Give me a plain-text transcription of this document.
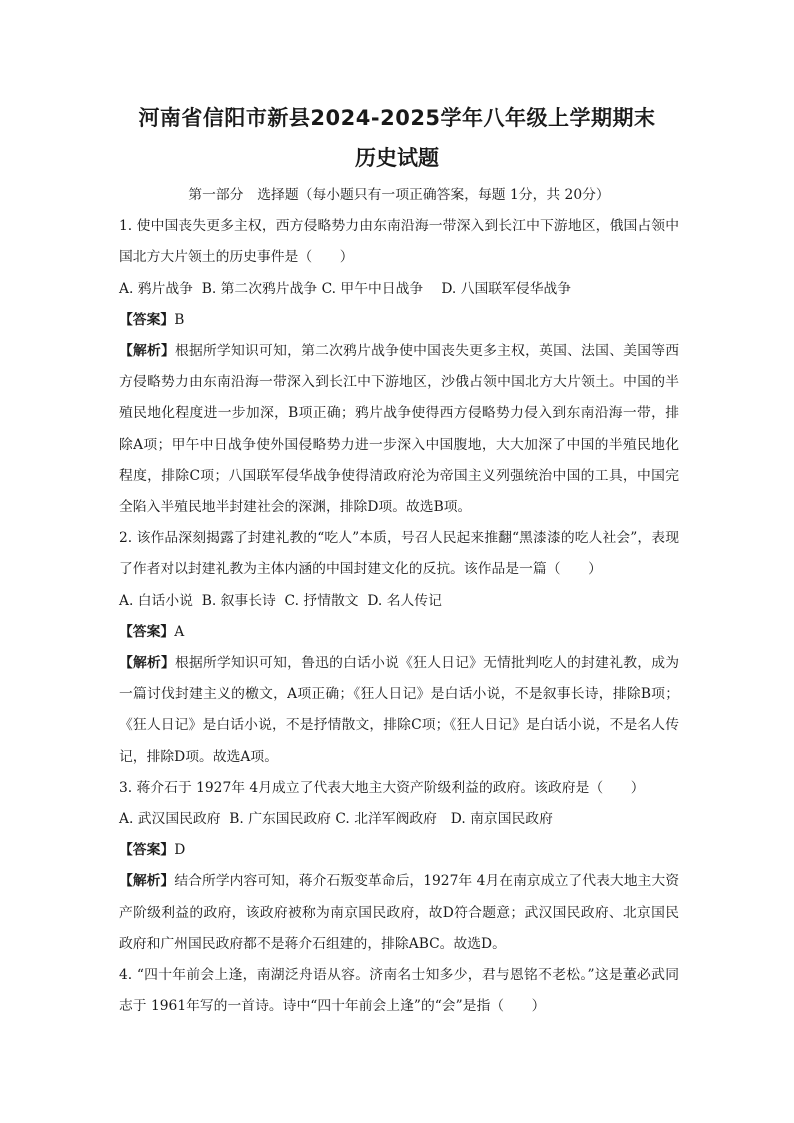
河南省信阳市新县2024-2025学年八年级上学期期末
历史试题

第一部分　选择题（每小题只有一项正确答案，每题 1分，共 20分）

1. 使中国丧失更多主权，西方侵略势力由东南沿海一带深入到长江中下游地区，俄国占领中国北方大片领土的历史事件是（　　）

A. 鸦片战争  B. 第二次鸦片战争 C. 甲午中日战争　 D. 八国联军侵华战争

【答案】B

【解析】根据所学知识可知，第二次鸦片战争使中国丧失更多主权，英国、法国、美国等西方侵略势力由东南沿海一带深入到长江中下游地区，沙俄占领中国北方大片领土。中国的半殖民地化程度进一步加深，B项正确；鸦片战争使得西方侵略势力侵入到东南沿海一带，排除A项；甲午中日战争使外国侵略势力进一步深入中国腹地，大大加深了中国的半殖民地化程度，排除C项；八国联军侵华战争使得清政府沦为帝国主义列强统治中国的工具，中国完全陷入半殖民地半封建社会的深渊，排除D项。故选B项。

2. 该作品深刻揭露了封建礼教的“吃人”本质，号召人民起来推翻“黑漆漆的吃人社会”，表现了作者对以封建礼教为主体内涵的中国封建文化的反抗。该作品是一篇（　　）

A. 白话小说  B. 叙事长诗  C. 抒情散文  D. 名人传记

【答案】A

【解析】根据所学知识可知，鲁迅的白话小说《狂人日记》无情批判吃人的封建礼教，成为一篇讨伐封建主义的檄文，A项正确；《狂人日记》是白话小说，不是叙事长诗，排除B项；《狂人日记》是白话小说，不是抒情散文，排除C项；《狂人日记》是白话小说，不是名人传记，排除D项。故选A项。

3. 蒋介石于 1927年 4月成立了代表大地主大资产阶级利益的政府。该政府是（　　）

A. 武汉国民政府  B. 广东国民政府 C. 北洋军阀政府　D. 南京国民政府

【答案】D

【解析】结合所学内容可知，蒋介石叛变革命后，1927年 4月在南京成立了代表大地主大资产阶级利益的政府，该政府被称为南京国民政府，故D符合题意；武汉国民政府、北京国民政府和广州国民政府都不是蒋介石组建的，排除ABC。故选D。

4. “四十年前会上逢，南湖泛舟语从容。济南名士知多少，君与恩铭不老松。”这是董必武同志于 1961年写的一首诗。诗中“四十年前会上逢”的“会”是指（　　）
